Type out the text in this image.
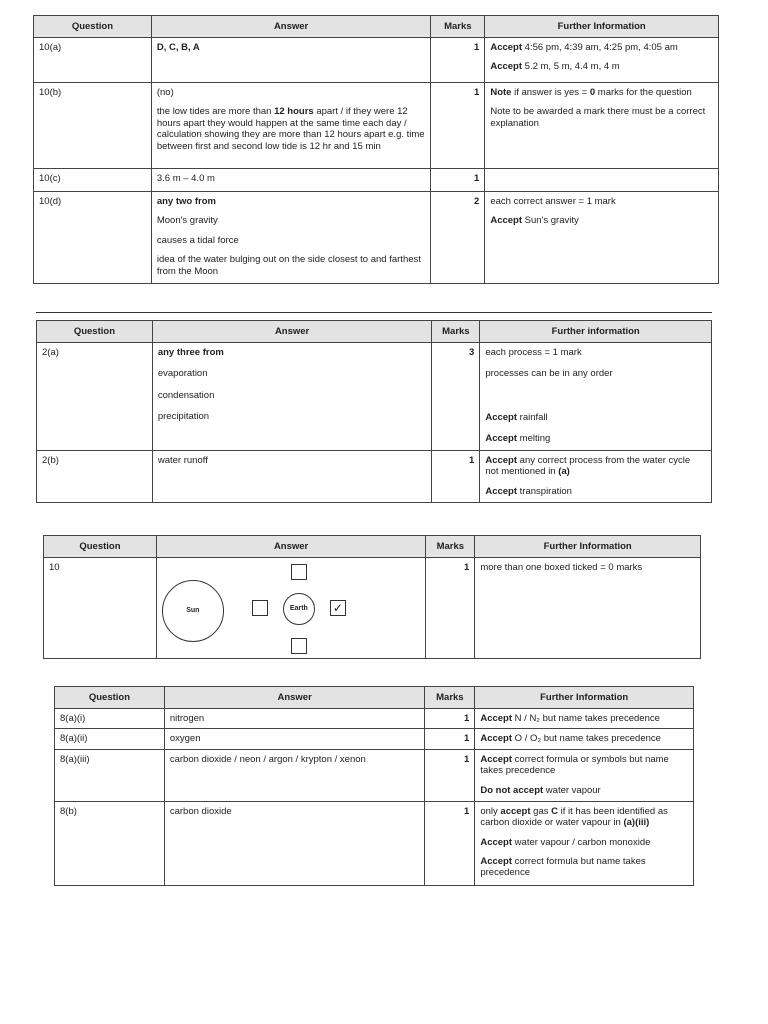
Question	Answer	Marks	Further Information
10(a)	D, C, B, A	1	Accept 4:56 pm, 4:39 am, 4:25 pm, 4:05 am
Accept 5.2 m, 5 m, 4.4 m, 4 m

10(b)	(no)
the low tides are more than 12 hours apart / if they were 12 hours apart they would happen at the same time each day / calculation showing they are more than 12 hours apart e.g. time between first and second low tide is 12 hr and 15 min	1	Note if answer is yes = 0 marks for the question
Note to be awarded a mark there must be a correct explanation

10(c)	3.6 m – 4.0 m	1	
10(d)	any two from
Moon's gravity
causes a tidal force
idea of the water bulging out on the side closest to and farthest from the Moon	2	each correct answer = 1 mark
Accept Sun's gravity
Question	Answer	Marks	Further information
2(a)	any three from
evaporation
condensation
precipitation	3	each process = 1 mark
processes can be in any order
Accept rainfall
Accept melting

2(b)	water runoff	1	Accept any correct process from the water cycle not mentioned in (a)
Accept transpiration
Question	Answer	Marks	Further Information
10	Sun Earth ✓	1	more than one boxed ticked = 0 marks
Question	Answer	Marks	Further Information
8(a)(i)	nitrogen	1	Accept N / N₂ but name takes precedence
8(a)(ii)	oxygen	1	Accept O / O₂ but name takes precedence
8(a)(iii)	carbon dioxide / neon / argon / krypton / xenon	1	Accept correct formula or symbols but name takes precedence
Do not accept water vapour

8(b)	carbon dioxide	1	only accept gas C if it has been identified as carbon dioxide or water vapour in (a)(iii)
Accept water vapour / carbon monoxide
Accept correct formula but name takes precedence
